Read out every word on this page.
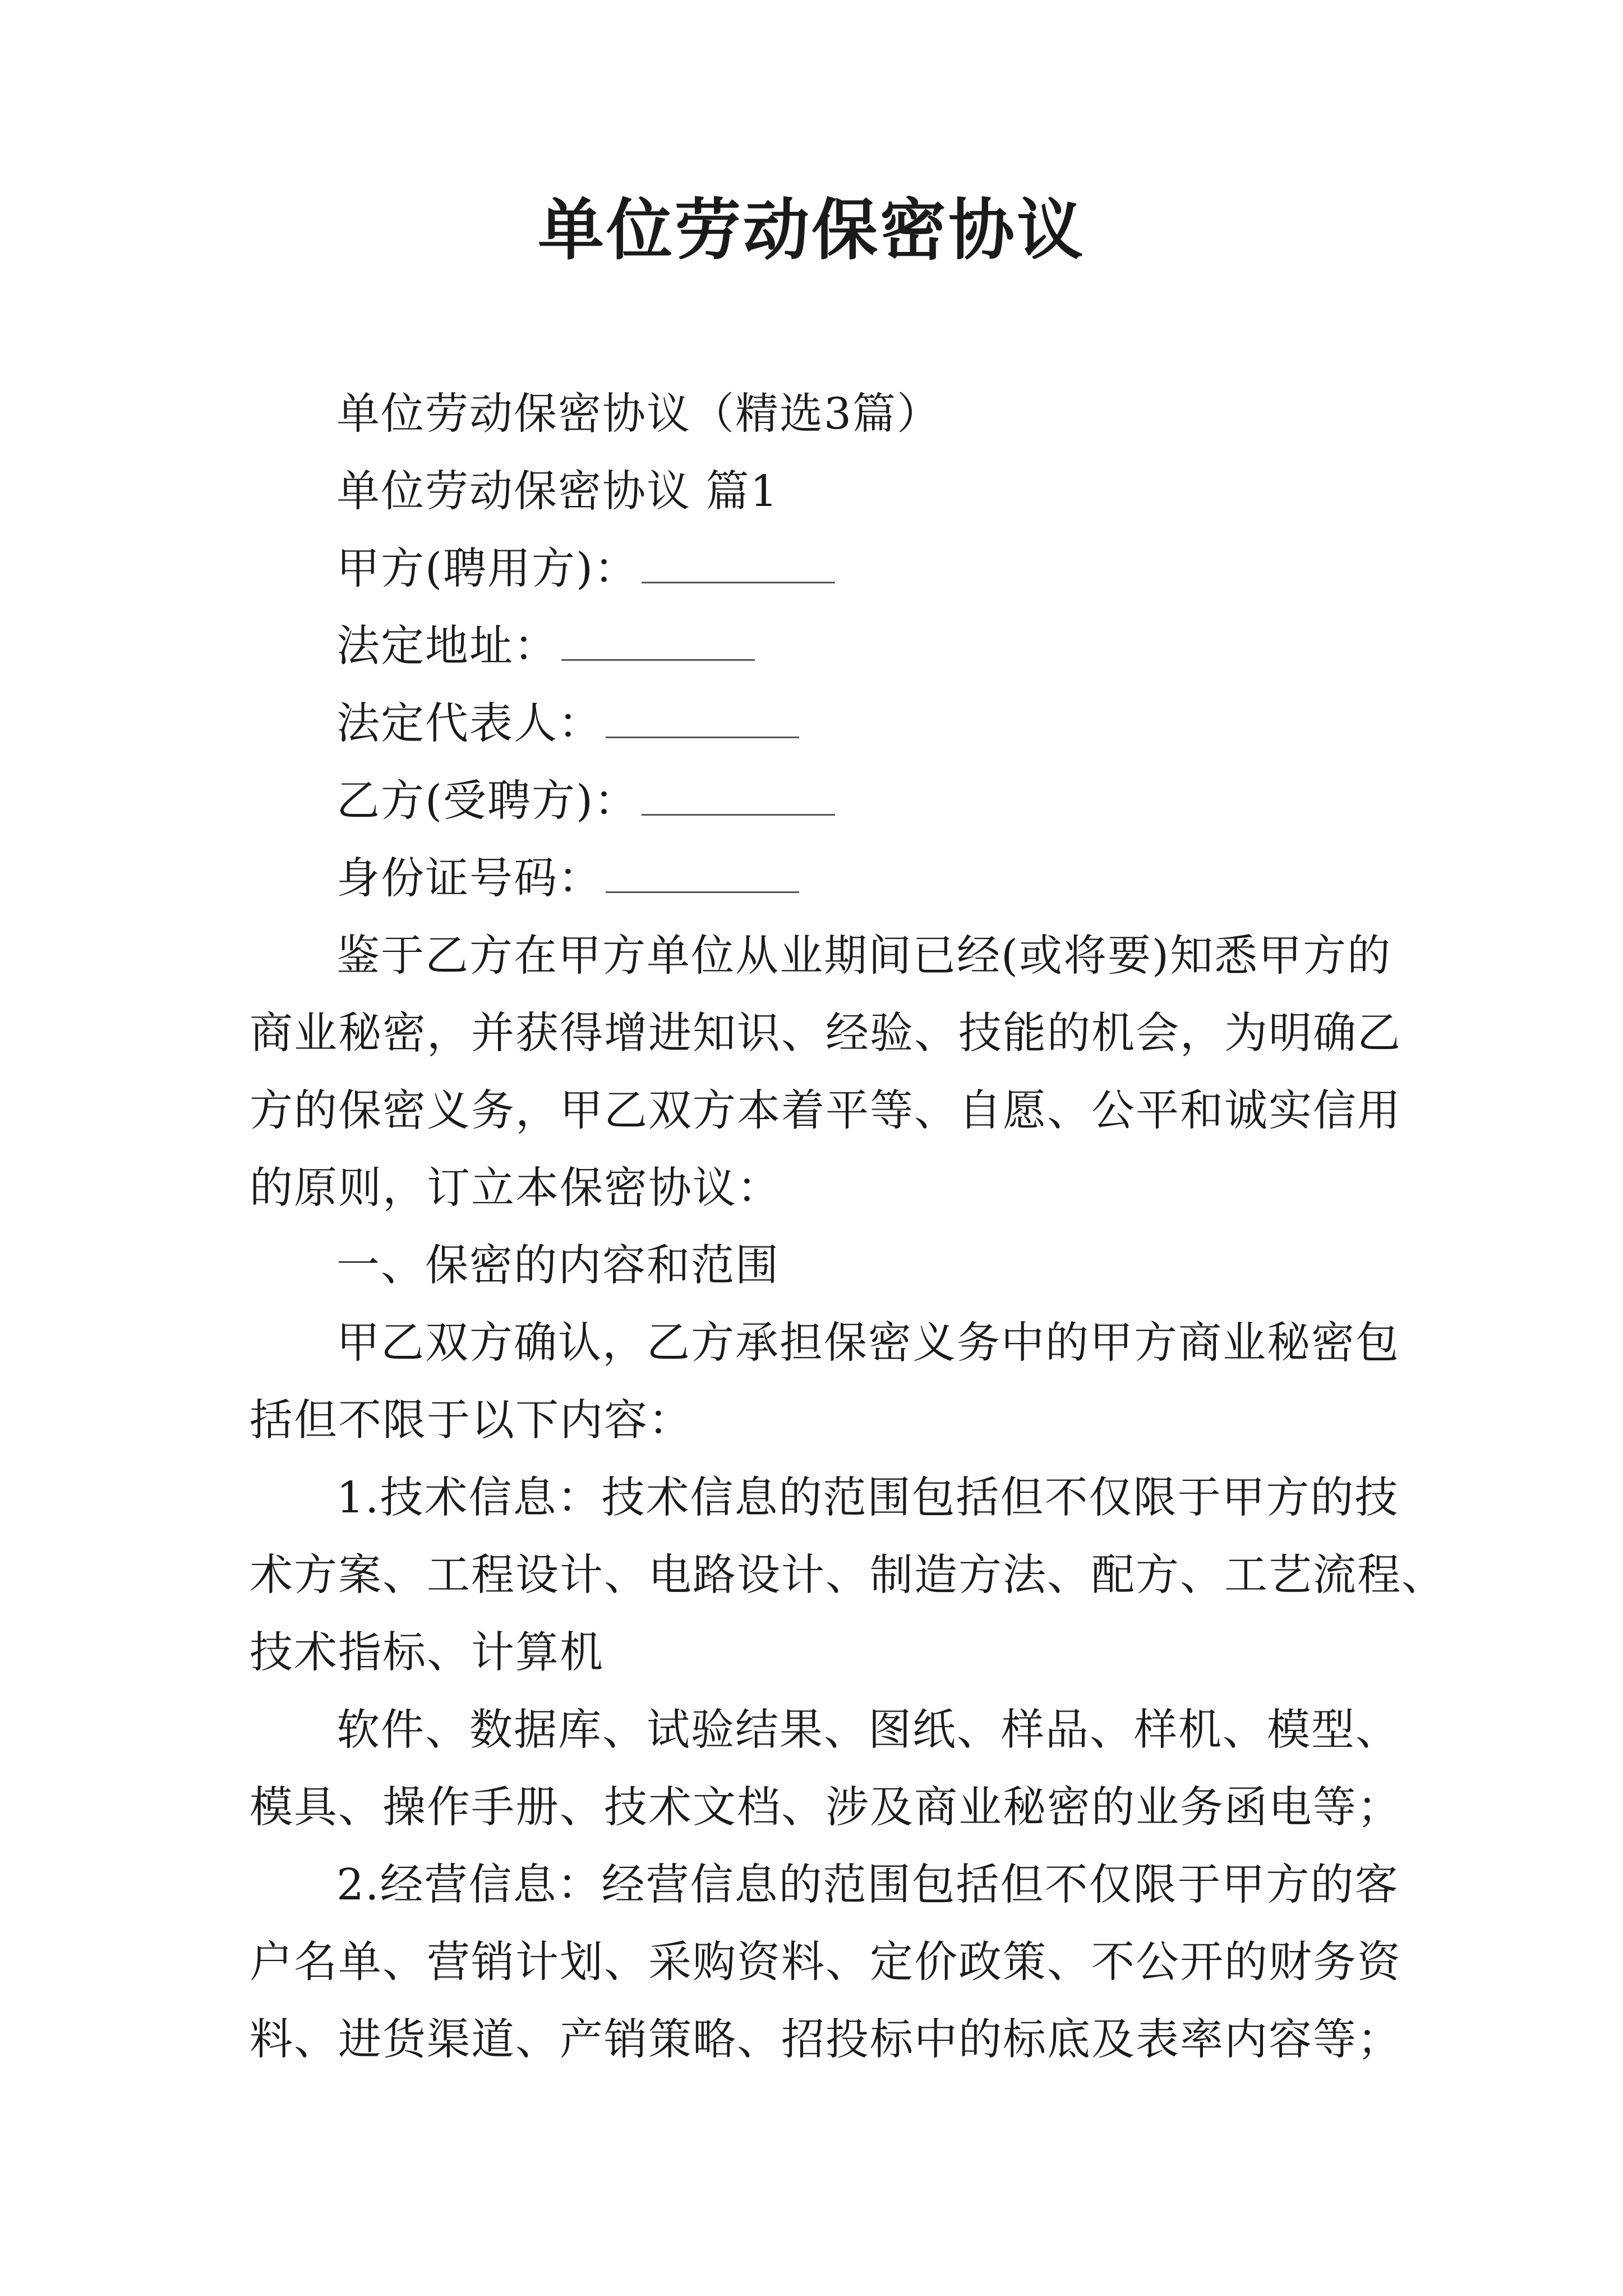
单位劳动保密协议

单位劳动保密协议（精选3篇）

单位劳动保密协议 篇1

甲方(聘用方)：

法定地址：

法定代表人：

乙方(受聘方)：

身份证号码：

鉴于乙方在甲方单位从业期间已经(或将要)知悉甲方的

商业秘密，并获得增进知识、经验、技能的机会，为明确乙

方的保密义务，甲乙双方本着平等、自愿、公平和诚实信用

的原则，订立本保密协议：

一、保密的内容和范围

甲乙双方确认，乙方承担保密义务中的甲方商业秘密包

括但不限于以下内容：

1.技术信息：技术信息的范围包括但不仅限于甲方的技

术方案、工程设计、电路设计、制造方法、配方、工艺流程、

技术指标、计算机

软件、数据库、试验结果、图纸、样品、样机、模型、

模具、操作手册、技术文档、涉及商业秘密的业务函电等；

2.经营信息：经营信息的范围包括但不仅限于甲方的客

户名单、营销计划、采购资料、定价政策、不公开的财务资

料、进货渠道、产销策略、招投标中的标底及表率内容等；
